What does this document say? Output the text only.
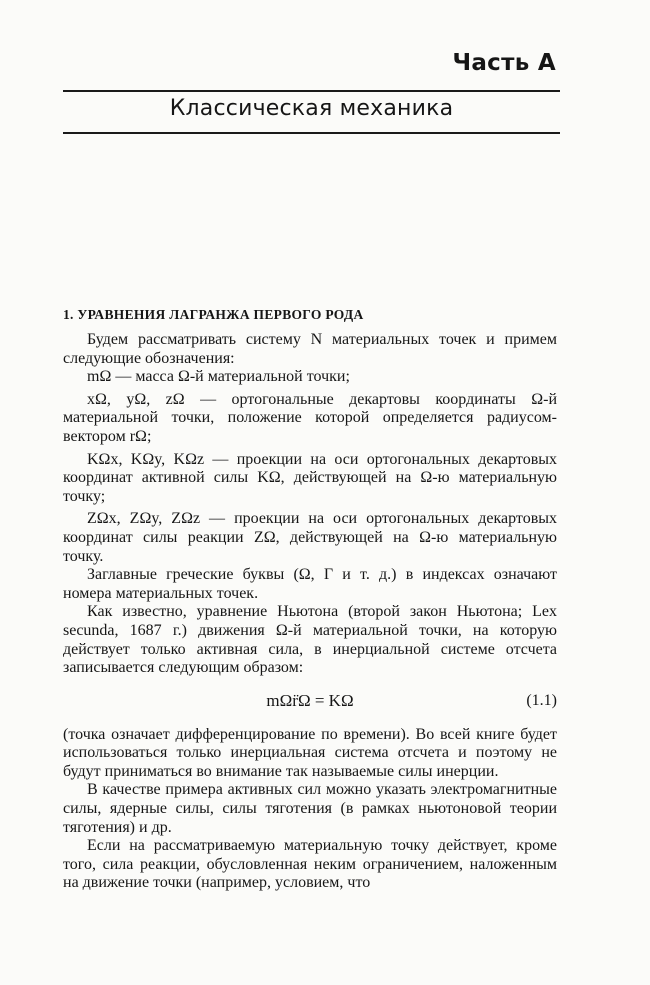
Часть А
Классическая механика
1. УРАВНЕНИЯ ЛАГРАНЖА ПЕРВОГО РОДА

Будем рассматривать систему N материальных точек и примем следующие обозначения:

mΩ — масса Ω-й материальной точки;

xΩ, yΩ, zΩ — ортогональные декартовы координаты Ω-й материальной точки, положение которой определяется радиусом-вектором rΩ;

KΩx, KΩy, KΩz — проекции на оси ортогональных декартовых координат активной силы KΩ, действующей на Ω-ю материальную точку;

ZΩx, ZΩy, ZΩz — проекции на оси ортогональных декартовых координат силы реакции ZΩ, действующей на Ω-ю материальную точку.

Заглавные греческие буквы (Ω, Г и т. д.) в индексах означают номера материальных точек.

Как известно, уравнение Ньютона (второй закон Ньютона; Lex secunda, 1687 г.) движения Ω-й материальной точки, на которую действует только активная сила, в инерциальной системе отсчета записывается следующим образом:

mΩr̈Ω = KΩ	(1.1)

(точка означает дифференцирование по времени). Во всей книге будет использоваться только инерциальная система отсчета и поэтому не будут приниматься во внимание так называемые силы инерции.

В качестве примера активных сил можно указать электромагнитные силы, ядерные силы, силы тяготения (в рамках ньютоновой теории тяготения) и др.

Если на рассматриваемую материальную точку действует, кроме того, сила реакции, обусловленная неким ограничением, наложенным на движение точки (например, условием, что
